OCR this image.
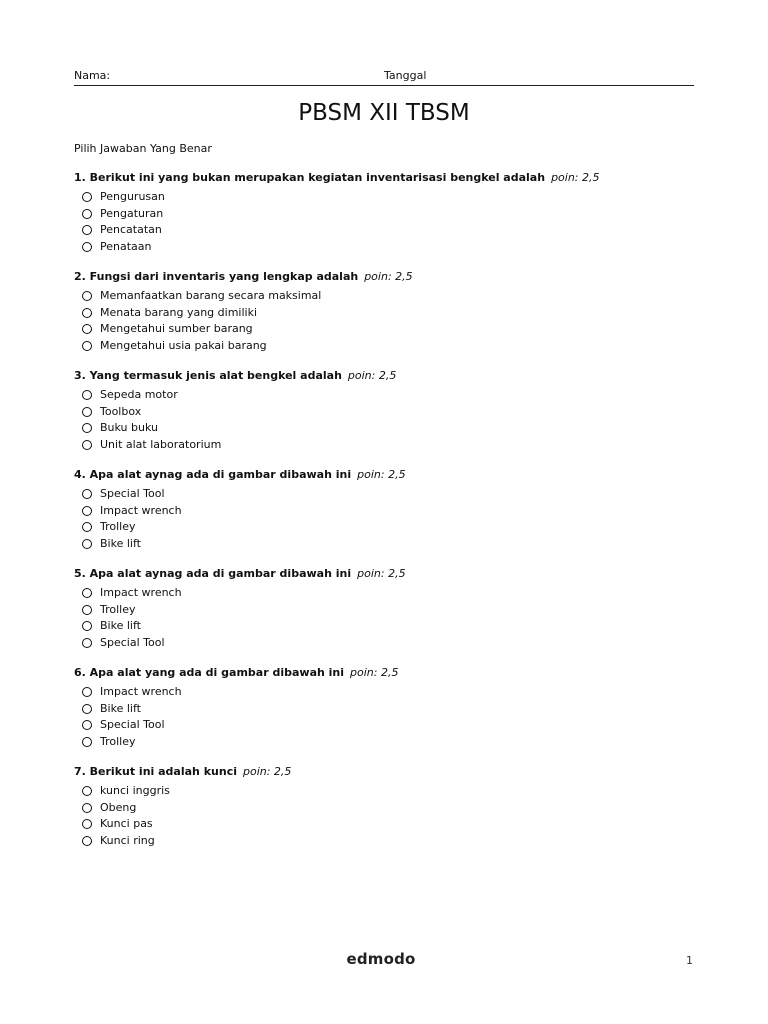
Nama:	Tanggal
PBSM XII TBSM
Pilih Jawaban Yang Benar
1. Berikut ini yang bukan merupakan kegiatan inventarisasi bengkel adalah poin: 2,5
Pengurusan
Pengaturan
Pencatatan
Penataan
2. Fungsi dari inventaris yang lengkap adalah poin: 2,5
Memanfaatkan barang secara maksimal
Menata barang yang dimiliki
Mengetahui sumber barang
Mengetahui usia pakai barang
3. Yang termasuk jenis alat bengkel adalah poin: 2,5
Sepeda motor
Toolbox
Buku buku
Unit alat laboratorium
4. Apa alat aynag ada di gambar dibawah ini poin: 2,5
Special Tool
Impact wrench
Trolley
Bike lift
5. Apa alat aynag ada di gambar dibawah ini poin: 2,5
Impact wrench
Trolley
Bike lift
Special Tool
6. Apa alat yang ada di gambar dibawah ini poin: 2,5
Impact wrench
Bike lift
Special Tool
Trolley
7. Berikut ini adalah kunci poin: 2,5
kunci inggris
Obeng
Kunci pas
Kunci ring
edmodo	1
